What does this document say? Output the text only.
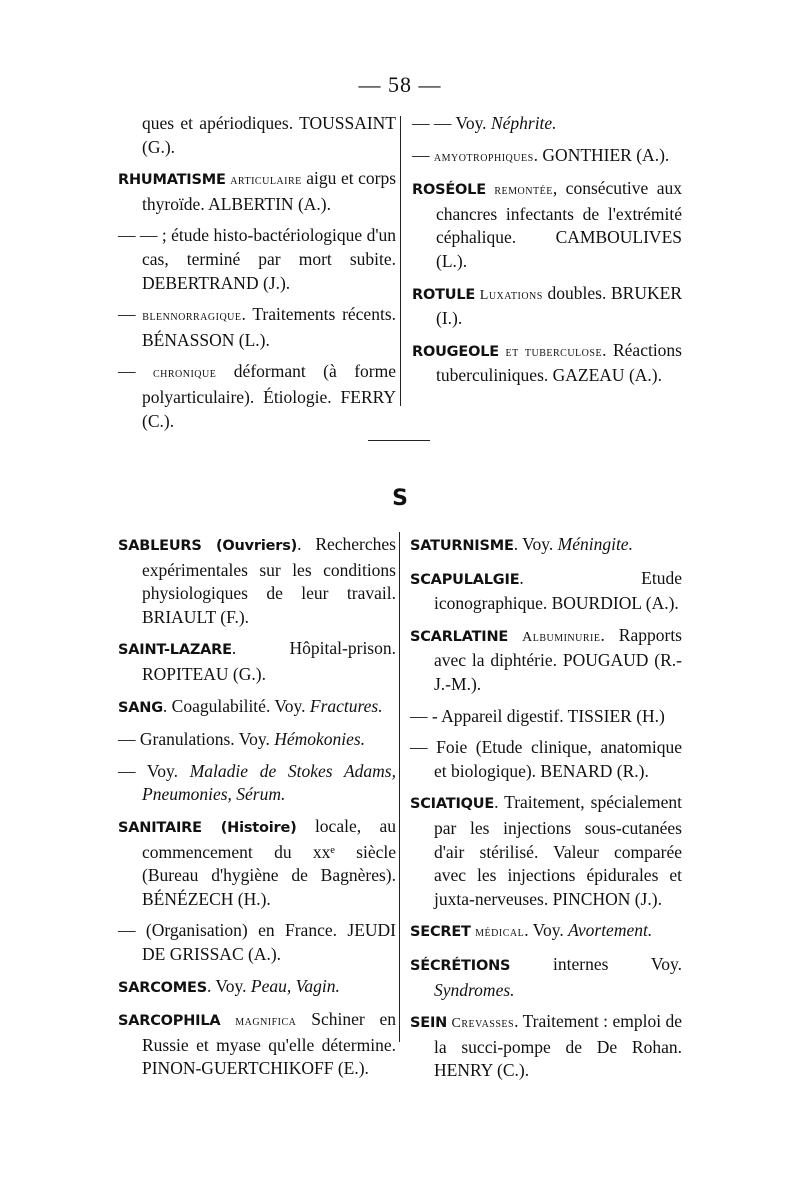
— 58 —
ques et apériodiques. TOUSSAINT (G.).
RHUMATISME articulaire aigu et corps thyroïde. ALBERTIN (A.).
— — ; étude histo-bactériologique d'un cas, terminé par mort subite. DEBERTRAND (J.).
— blennorragique. Traitements récents. BÉNASSON (L.).
— chronique déformant (à forme polyarticulaire). Étiologie. FERRY (C.).
— — Voy. Néphrite.
— amyotrophiques. GONTHIER (A.).
ROSÉOLE remontée, consécutive aux chancres infectants de l'extrémité céphalique. CAMBOULIVES (L.).
ROTULE Luxations doubles. BRUKER (I.).
ROUGEOLE et tuberculose. Réactions tuberculiniques. GAZEAU (A.).
S
SABLEURS (Ouvriers). Recherches expérimentales sur les conditions physiologiques de leur travail. BRIAULT (F.).
SAINT-LAZARE. Hôpital-prison. ROPITEAU (G.).
SANG. Coagulabilité. Voy. Fractures.
— Granulations. Voy. Hémokonies.
— Voy. Maladie de Stokes Adams, Pneumonies, Sérum.
SANITAIRE (Histoire) locale, au commencement du xxᵉ siècle (Bureau d'hygiène de Bagnères). BÉNÉZECH (H.).
— (Organisation) en France. JEUDI DE GRISSAC (A.).
SARCOMES. Voy. Peau, Vagin.
SARCOPHILA magnifica Schiner en Russie et myase qu'elle détermine. PINON-GUERTCHIKOFF (E.).
SATURNISME. Voy. Méningite.
SCAPULALGIE. Etude iconographique. BOURDIOL (A.).
SCARLATINE Albuminurie. Rapports avec la diphtérie. POUGAUD (R.-J.-M.).
— - Appareil digestif. TISSIER (H.)
— Foie (Etude clinique, anatomique et biologique). BENARD (R.).
SCIATIQUE. Traitement, spécialement par les injections sous-cutanées d'air stérilisé. Valeur comparée avec les injections épidurales et juxta-nerveuses. PINCHON (J.).
SECRET médical. Voy. Avortement.
SÉCRÉTIONS internes Voy. Syndromes.
SEIN Crevasses. Traitement : emploi de la succi-pompe de De Rohan. HENRY (C.).
